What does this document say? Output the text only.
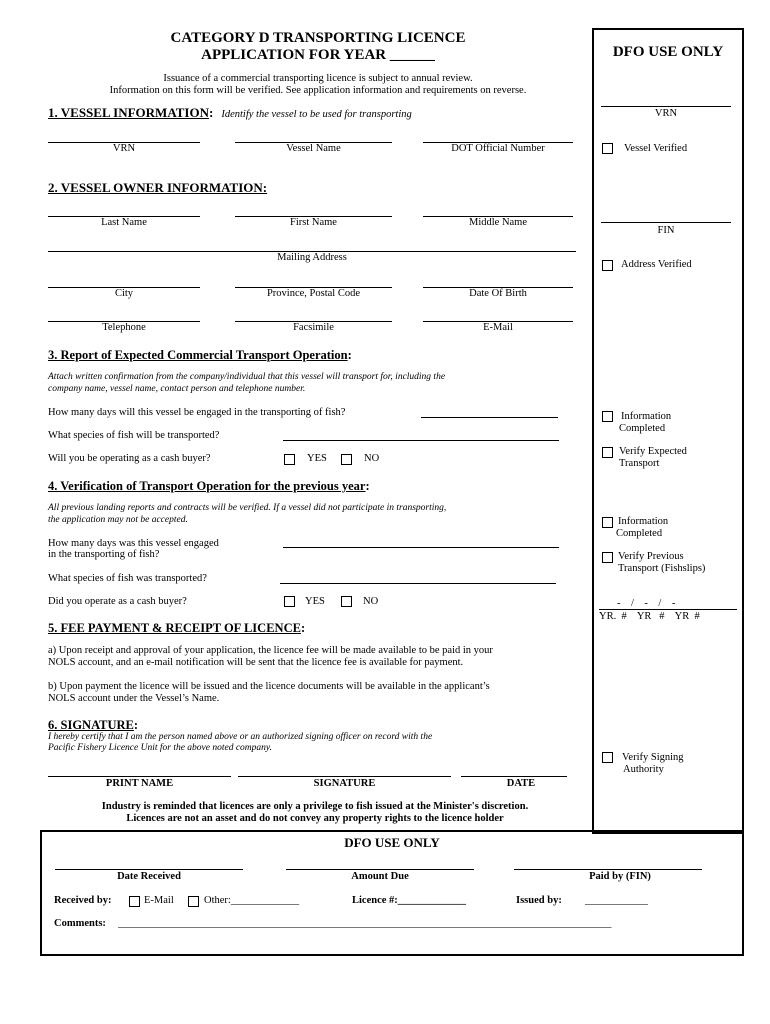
DFO USE ONLY
CATEGORY D TRANSPORTING LICENCE
APPLICATION FOR YEAR ______
Issuance of a commercial transporting licence is subject to annual review.
Information on this form will be verified. See application information and requirements on reverse.
1. VESSEL INFORMATION: Identify the vessel to be used for transporting
VRN	Vessel Name	DOT Official Number
VRN
Vessel Verified
2. VESSEL OWNER INFORMATION:
Last Name	First Name	Middle Name
Mailing Address
City	Province, Postal Code	Date Of Birth
Telephone	Facsimile	E-Mail
FIN
Address Verified
3. Report of Expected Commercial Transport Operation:
Attach written confirmation from the company/individual that this vessel will transport for, including the
company name, vessel name, contact person and telephone number.
How many days will this vessel be engaged in the transporting of fish?
What species of fish will be transported?
Will you be operating as a cash buyer?	YES	NO
Information
Completed
Verify Expected
Transport
4. Verification of Transport Operation for the previous year:
All previous landing reports and contracts will be verified. If a vessel did not participate in transporting,
the application may not be accepted.
How many days was this vessel engaged
in the transporting of fish?
What species of fish was transported?
Did you operate as a cash buyer?	YES	NO
Information
Completed
Verify Previous
Transport (Fishslips)
-    /    -    /    -
YR.  #    YR   #    YR  #
5. FEE PAYMENT & RECEIPT OF LICENCE:
a) Upon receipt and approval of your application, the licence fee will be made available to be paid in your
NOLS account, and an e-mail notification will be sent that the licence fee is available for payment.
b) Upon payment the licence will be issued and the licence documents will be available in the applicant’s
NOLS account under the Vessel’s Name.
6. SIGNATURE:
I hereby certify that I am the person named above or an authorized signing officer on record with the
Pacific Fishery Licence Unit for the above noted company.
PRINT NAME	SIGNATURE	DATE
Verify Signing
Authority
Industry is reminded that licences are only a privilege to fish issued at the Minister's discretion.
Licences are not an asset and do not convey any property rights to the licence holder
DFO USE ONLY
Date Received	Amount Due	Paid by (FIN)
Received by:	E-Mail	Other:_____________	Licence #:_____________	Issued by: ____________
Comments: ______________________________________________________________________________________________
